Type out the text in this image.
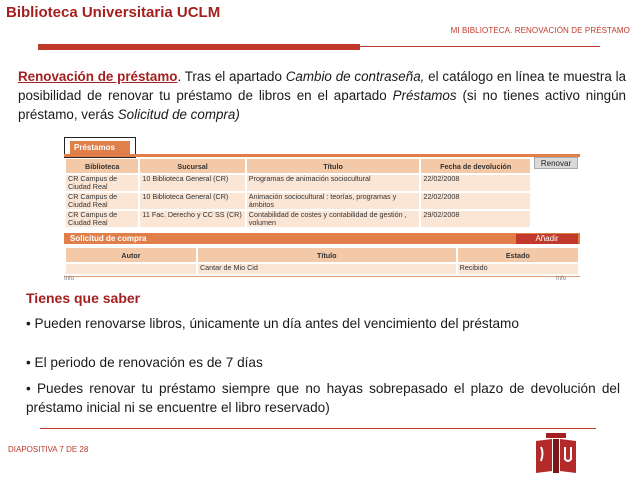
Biblioteca Universitaria UCLM
MI BIBLIOTECA. RENOVACIÓN DE PRÉSTAMO
Renovación de préstamo. Tras el apartado Cambio de contraseña, el catálogo en línea te muestra la posibilidad de renovar tu préstamo de libros en el apartado Préstamos (si no tienes activo ningún préstamo, verás Solicitud de compra)
Préstamos
Renovar
Biblioteca	Sucursal	Título	Fecha de devolución
CR Campus de Ciudad Real	10 Biblioteca General (CR)	Programas de animación sociocultural	22/02/2008
CR Campus de Ciudad Real	10 Biblioteca General (CR)	Animación sociocultural : teorías, programas y ámbitos	22/02/2008
CR Campus de Ciudad Real	11 Fac. Derecho y CC SS (CR)	Contabilidad de costes y contabilidad de gestión , volumen	29/02/2008
Solicitud de compra	Añadir
Autor	Título	Estado
	Cantar de Mio Cid	Recibido
Info	Info
Tienes que saber
• Pueden renovarse libros, únicamente un día antes del vencimiento del préstamo
• El periodo de renovación es de 7 días
• Puedes renovar tu préstamo siempre que no hayas sobrepasado el plazo de devolución del préstamo inicial ni se encuentre el libro reservado)
DIAPOSITIVA 7 DE 28
